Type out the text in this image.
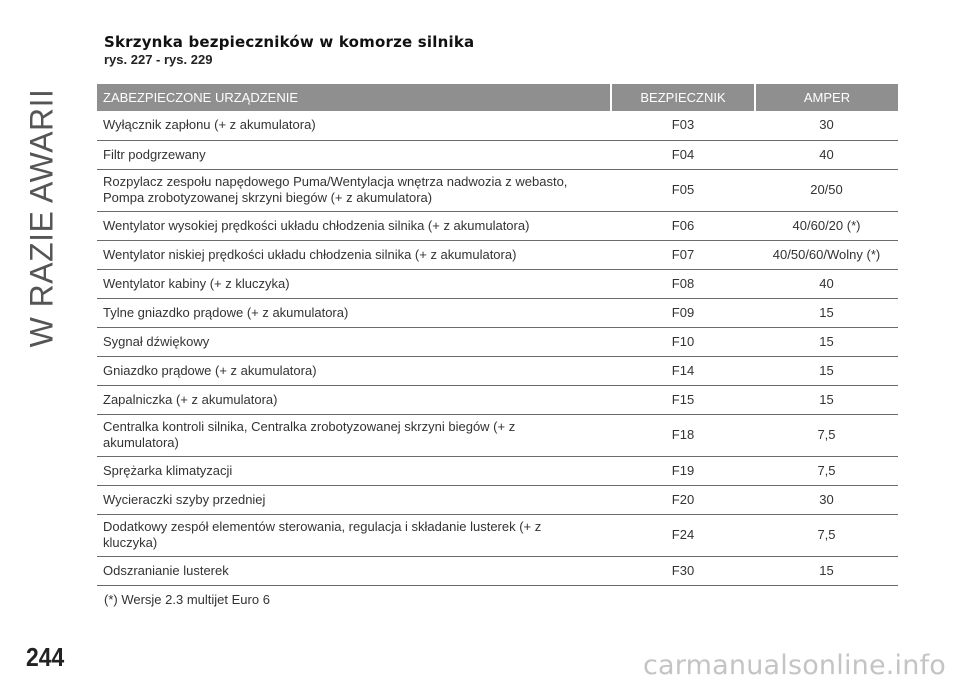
W RAZIE AWARII
Skrzynka bezpieczników w komorze silnika
rys. 227 - rys. 229
ZABEZPIECZONE URZĄDZENIE	BEZPIECZNIK	AMPER
Wyłącznik zapłonu (+ z akumulatora)	F03	30
Filtr podgrzewany	F04	40
Rozpylacz zespołu napędowego Puma/Wentylacja wnętrza nadwozia z webasto,
Pompa zrobotyzowanej skrzyni biegów (+ z akumulatora)	F05	20/50
Wentylator wysokiej prędkości układu chłodzenia silnika (+ z akumulatora)	F06	40/60/20 (*)
Wentylator niskiej prędkości układu chłodzenia silnika (+ z akumulatora)	F07	40/50/60/Wolny (*)
Wentylator kabiny (+ z kluczyka)	F08	40
Tylne gniazdko prądowe (+ z akumulatora)	F09	15
Sygnał dźwiękowy	F10	15
Gniazdko prądowe (+ z akumulatora)	F14	15
Zapalniczka (+ z akumulatora)	F15	15
Centralka kontroli silnika, Centralka zrobotyzowanej skrzyni biegów (+ z
akumulatora)	F18	7,5
Sprężarka klimatyzacji	F19	7,5
Wycieraczki szyby przedniej	F20	30
Dodatkowy zespół elementów sterowania, regulacja i składanie lusterek (+ z
kluczyka)	F24	7,5
Odszranianie lusterek	F30	15
(*) Wersje 2.3 multijet Euro 6
244	carmanualsonline.info
